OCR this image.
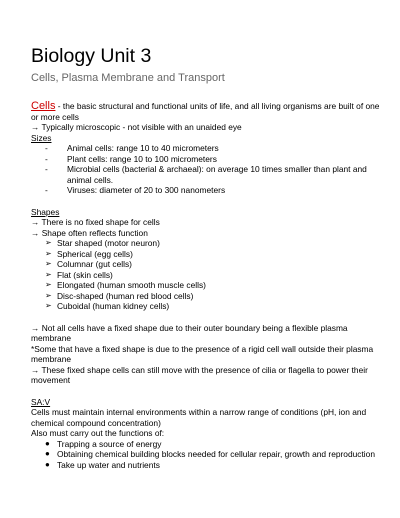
Biology Unit 3
Cells, Plasma Membrane and Transport

Cells - the basic structural and functional units of life, and all living organisms are built of one or more cells

→ Typically microscopic - not visible with an unaided eye

Sizes

- Animal cells: range 10 to 40 micrometers
- Plant cells: range 10 to 100 micrometers
- Microbial cells (bacterial & archaeal): on average 10 times smaller than plant and animal cells.
- Viruses: diameter of 20 to 300 nanometers

Shapes

→ There is no fixed shape for cells

→ Shape often reflects function

➢ Star shaped (motor neuron)
➢ Spherical (egg cells)
➢ Columnar (gut cells)
➢ Flat (skin cells)
➢ Elongated (human smooth muscle cells)
➢ Disc-shaped (human red blood cells)
➢ Cuboidal (human kidney cells)

→ Not all cells have a fixed shape due to their outer boundary being a flexible plasma membrane

*Some that have a fixed shape is due to the presence of a rigid cell wall outside their plasma membrane

→ These fixed shape cells can still move with the presence of cilia or flagella to power their movement

SA:V

Cells must maintain internal environments within a narrow range of conditions (pH, ion and chemical compound concentration)

Also must carry out the functions of:

● Trapping a source of energy
● Obtaining chemical building blocks needed for cellular repair, growth and reproduction
● Take up water and nutrients
